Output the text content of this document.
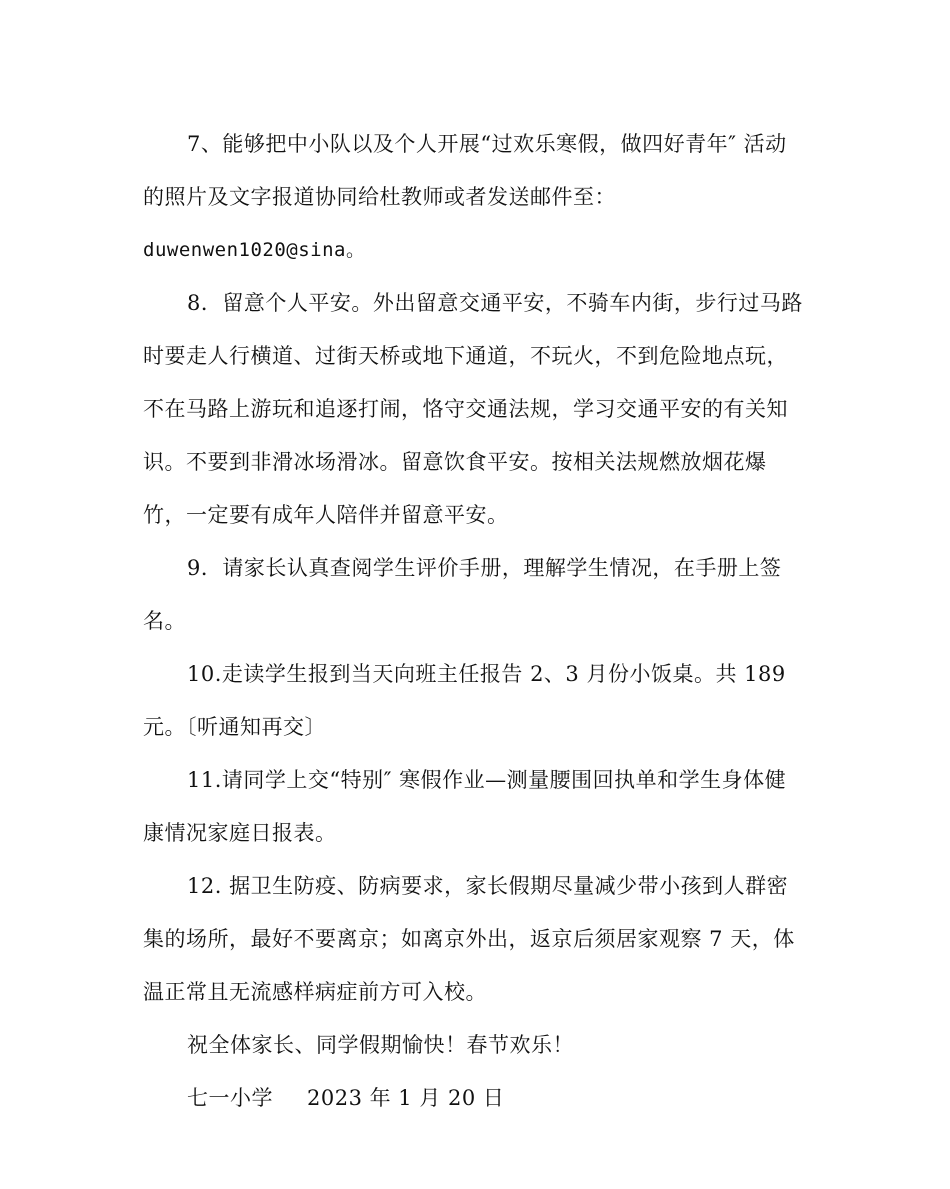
7、能够把中小队以及个人开展“过欢乐寒假，做四好青年″ 活动
的照片及文字报道协同给杜教师或者发送邮件至：
duwenwen1020@sina。
8．留意个人平安。外出留意交通平安，不骑车内街，步行过马路
时要走人行横道、过街天桥或地下通道，不玩火，不到危险地点玩，
不在马路上游玩和追逐打闹，恪守交通法规，学习交通平安的有关知
识。不要到非滑冰场滑冰。留意饮食平安。按相关法规燃放烟花爆
竹，一定要有成年人陪伴并留意平安。
9．请家长认真查阅学生评价手册，理解学生情况，在手册上签
名。
10.走读学生报到当天向班主任报告 2、3 月份小饭桌。共 189
元。〔听通知再交〕
11.请同学上交“特别″ 寒假作业—测量腰围回执单和学生身体健
康情况家庭日报表。
12. 据卫生防疫、防病要求，家长假期尽量减少带小孩到人群密
集的场所，最好不要离京；如离京外出，返京后须居家观察 7 天，体
温正常且无流感样病症前方可入校。
祝全体家长、同学假期愉快！春节欢乐！
七一小学 2023 年 1 月 20 日
